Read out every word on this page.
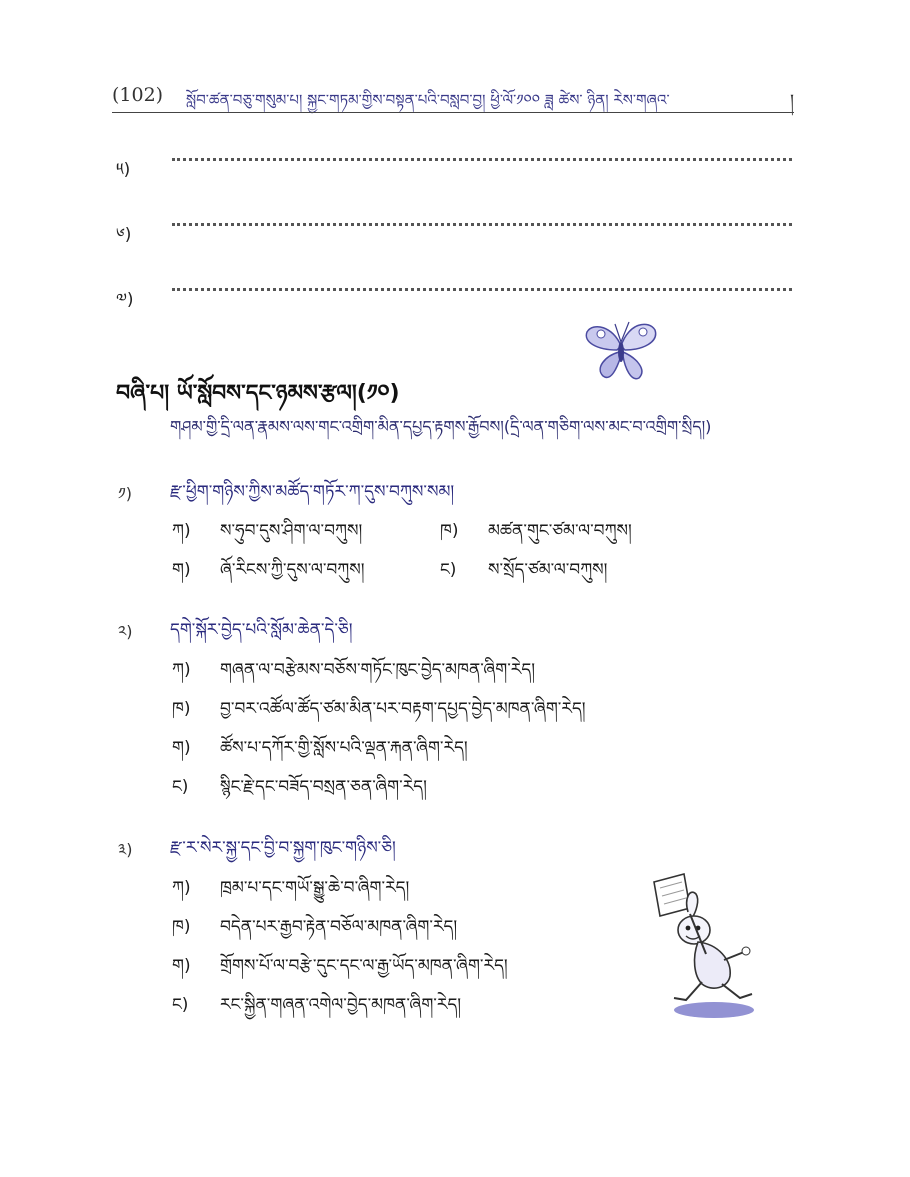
(102) སློབ་ཚན་བཅུ་གསུམ་པ། སྐྱང་གཏམ་གྱིས་བསྟན་པའི་བསླབ་བྱ། ཕྱི་ལོ་༡༠༠ ཟླ ཚེས་ ཉིན། རེས་གཞའ་	།
༥)
༦)
༧)
བཞི་པ། ཡོ་སློབས་དང་ཉམས་རྩལ།(༡༠)
གཤམ་གྱི་དྲི་ལན་རྣམས་ལས་གང་འགྲིག་མིན་དཔྱད་རྟགས་རྒྱོབས།(དྲི་ལན་གཅིག་ལས་མང་བ་འགྲིག་སྲིད།)
༡) རྫ་ཕྱིག་གཉིས་ཀྱིས་མཚོད་གཏོར་ཀ་དུས་བཀུས་སམ།
ཀ) ས་ཧུབ་དུས་ཤིག་ལ་བཀུས།	ཁ) མཚན་གུང་ཙམ་ལ་བཀུས།
ག) ཞོ་རིངས་ཀྱི་དུས་ལ་བཀུས།	ང) ས་སྲོད་ཙམ་ལ་བཀུས།
༢) དགེ་སྐོར་བྱེད་པའི་སློམ་ཆེན་དེ་ཅི།
ཀ) གཞན་ལ་བརྩེམས་བཅོས་གཏོང་ཁུང་བྱེད་མཁན་ཞིག་རེད།
ཁ) བྱ་བར་འཚོལ་ཚོད་ཙམ་མིན་པར་བརྟག་དཔྱད་བྱེད་མཁན་ཞིག་རེད།
ག) ཚོས་པ་དཀོར་གྱི་སློས་པའི་ལྡན་རྐན་ཞིག་རེད།
ང) སྙིང་རྗེ་དང་བཟོད་བསྲན་ཅན་ཞིག་རེད།
༣) རྫ་ར་སེར་སྐྱ་དང་བྱི་བ་སྐྱག་ཁུང་གཉིས་ཅི།
ཀ) ཁྲམ་པ་དང་གཡོ་སྒྱུ་ཆེ་བ་ཞིག་རེད།
ཁ) བདེན་པར་རྒྱབ་རྟེན་བཅོལ་མཁན་ཞིག་རེད།
ག) གྲོགས་པོ་ལ་བརྩེ་དུང་དང་ལ་རྒྱ་ཡོད་མཁན་ཞིག་རེད།
ང) རང་སྐྱིན་གཞན་འགེལ་བྱེད་མཁན་ཞིག་རེད།
